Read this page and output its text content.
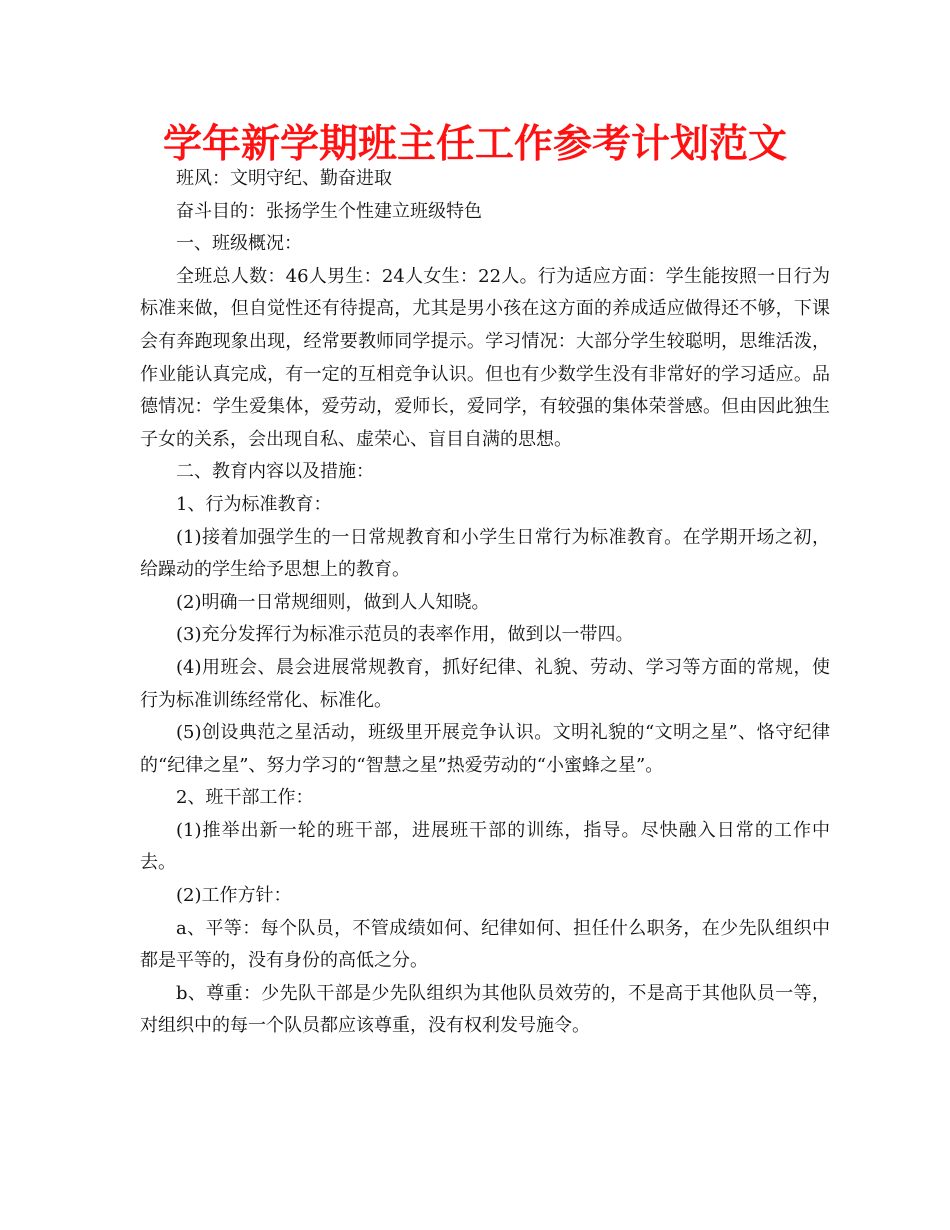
学年新学期班主任工作参考计划范文

班风：文明守纪、勤奋进取

奋斗目的：张扬学生个性建立班级特色

一、班级概况：

全班总人数：46人男生：24人女生：22人。行为适应方面：学生能按照一日行为标准来做，但自觉性还有待提高，尤其是男小孩在这方面的养成适应做得还不够，下课会有奔跑现象出现，经常要教师同学提示。学习情况：大部分学生较聪明，思维活泼，作业能认真完成，有一定的互相竞争认识。但也有少数学生没有非常好的学习适应。品德情况：学生爱集体，爱劳动，爱师长，爱同学，有较强的集体荣誉感。但由因此独生子女的关系，会出现自私、虚荣心、盲目自满的思想。

二、教育内容以及措施：

1、行为标准教育：

(1)接着加强学生的一日常规教育和小学生日常行为标准教育。在学期开场之初，给躁动的学生给予思想上的教育。

(2)明确一日常规细则，做到人人知晓。

(3)充分发挥行为标准示范员的表率作用，做到以一带四。

(4)用班会、晨会进展常规教育，抓好纪律、礼貌、劳动、学习等方面的常规，使行为标准训练经常化、标准化。

(5)创设典范之星活动，班级里开展竞争认识。文明礼貌的“文明之星”、恪守纪律的“纪律之星”、努力学习的“智慧之星”热爱劳动的“小蜜蜂之星”。

2、班干部工作：

(1)推举出新一轮的班干部，进展班干部的训练，指导。尽快融入日常的工作中去。

(2)工作方针：

a、平等：每个队员，不管成绩如何、纪律如何、担任什么职务，在少先队组织中都是平等的，没有身份的高低之分。

b、尊重：少先队干部是少先队组织为其他队员效劳的，不是高于其他队员一等，对组织中的每一个队员都应该尊重，没有权利发号施令。
